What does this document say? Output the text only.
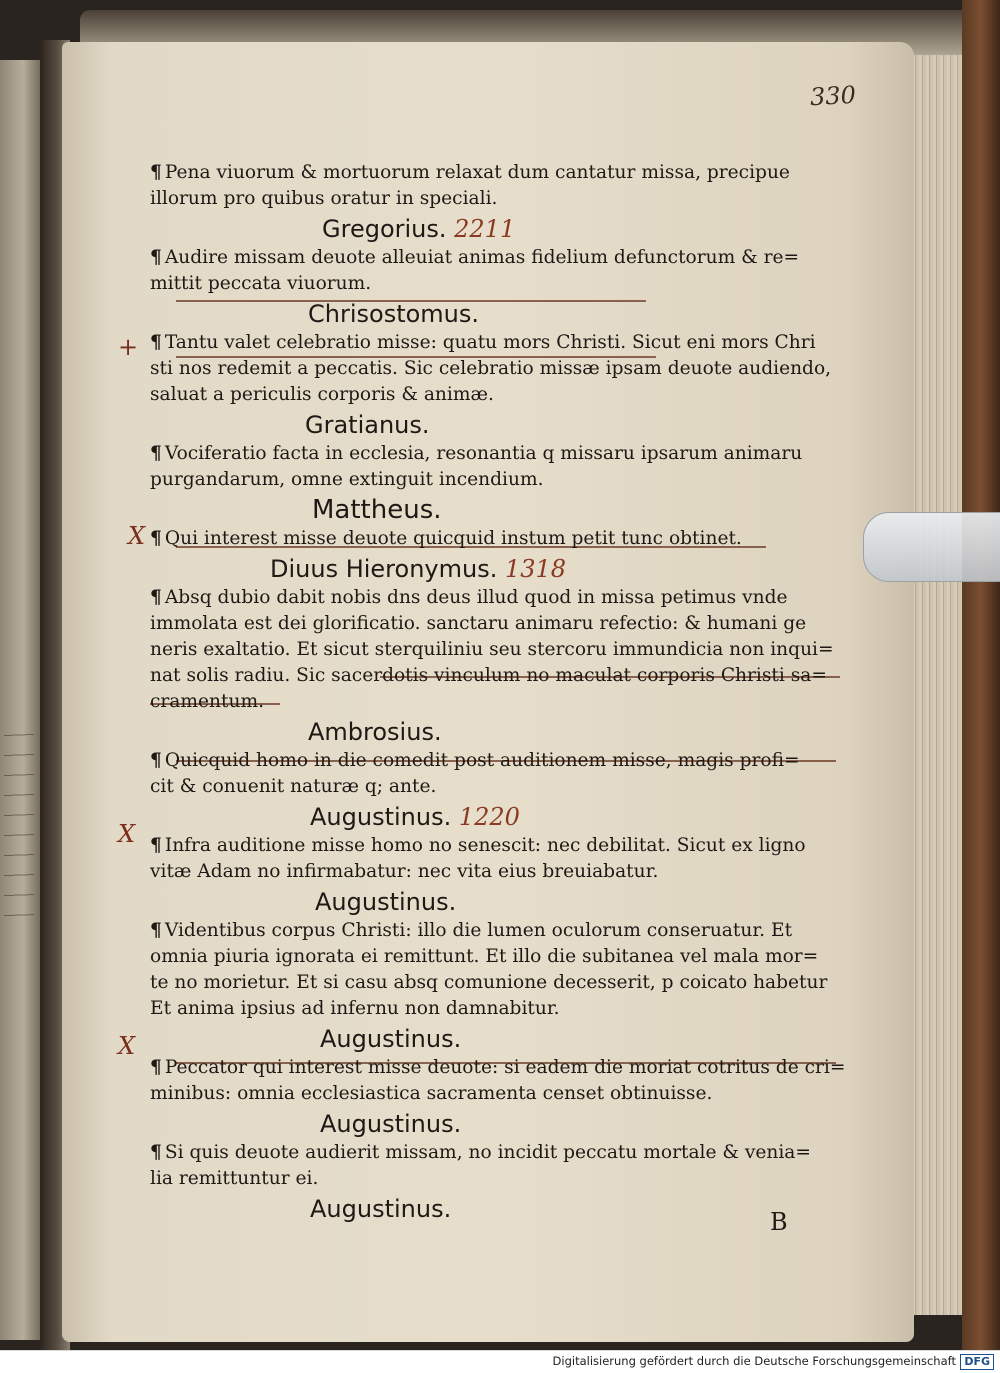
330
+
X
X
X
¶ Pena viuorum & mortuorum relaxat dum cantatur missa, precipue
illorum pro quibus oratur in speciali.
Gregorius. 2211
¶ Audire missam deuote alleuiat animas fidelium defunctorum & re=
mittit peccata viuorum.
Chrisostomus.
¶ Tantu valet celebratio misse: quatu mors Christi. Sicut eni mors Chri
sti nos redemit a peccatis. Sic celebratio missæ ipsam deuote audiendo,
saluat a periculis corporis & animæ.
Gratianus.
¶ Vociferatio facta in ecclesia, resonantia q missaru ipsarum animaru
purgandarum, omne extinguit incendium.
Mattheus.
¶ Qui interest misse deuote quicquid instum petit tunc obtinet.
Diuus Hieronymus. 1318
¶ Absq dubio dabit nobis dns deus illud quod in missa petimus vnde
immolata est dei glorificatio. sanctaru animaru refectio: & humani ge
neris exaltatio. Et sicut sterquiliniu seu stercoru immundicia non inqui=
nat solis radiu. Sic sacerdotis vinculum no maculat corporis Christi sa=
cramentum.
Ambrosius.
¶ Quicquid homo in die comedit post auditionem misse, magis profi=
cit & conuenit naturæ q; ante.
Augustinus. 1220
¶ Infra auditione misse homo no senescit: nec debilitat. Sicut ex ligno
vitæ Adam no infirmabatur: nec vita eius breuiabatur.
Augustinus.
¶ Videntibus corpus Christi: illo die lumen oculorum conseruatur. Et
omnia piuria ignorata ei remittunt. Et illo die subitanea vel mala mor=
te no morietur. Et si casu absq comunione decesserit, p coicato habetur
Et anima ipsius ad infernu non damnabitur.
Augustinus.
¶ Peccator qui interest misse deuote: si eadem die moriat cotritus de cri=
minibus: omnia ecclesiastica sacramenta censet obtinuisse.
Augustinus.
¶ Si quis deuote audierit missam, no incidit peccatu mortale & venia=
lia remittuntur ei.
Augustinus.	B
Digitalisierung gefördert durch die Deutsche Forschungsgemeinschaft DFG
